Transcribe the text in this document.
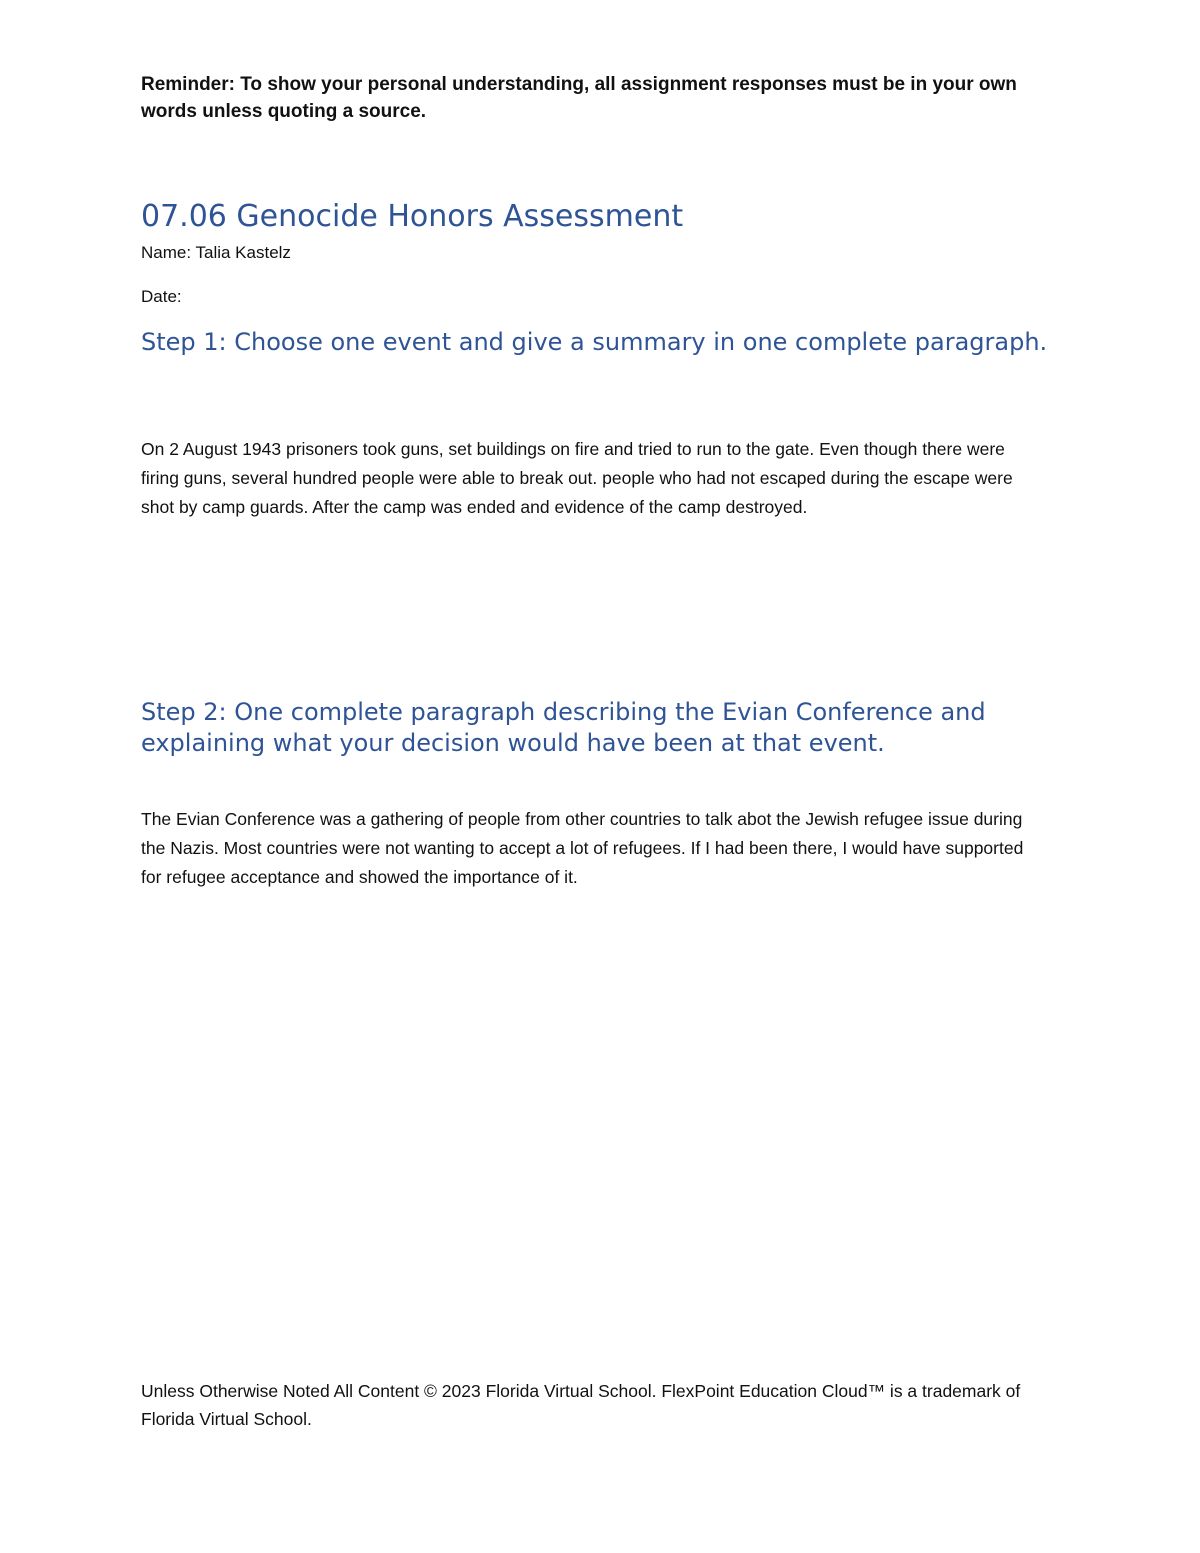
Reminder: To show your personal understanding, all assignment responses must be in your own words unless quoting a source.

07.06 Genocide Honors Assessment

Name: Talia Kastelz

Date:

Step 1: Choose one event and give a summary in one complete paragraph.

On 2 August 1943 prisoners took guns, set buildings on fire and tried to run to the gate. Even though there were firing guns, several hundred people were able to break out. people who had not escaped during the escape were shot by camp guards. After the camp was ended and evidence of the camp destroyed.

Step 2: One complete paragraph describing the Evian Conference and explaining what your decision would have been at that event.

The Evian Conference was a gathering of people from other countries to talk abot the Jewish refugee issue during the Nazis. Most countries were not wanting to accept a lot of refugees. If I had been there, I would have supported for refugee acceptance and showed the importance of it.

Unless Otherwise Noted All Content © 2023 Florida Virtual School. FlexPoint Education Cloud™ is a trademark of Florida Virtual School.
